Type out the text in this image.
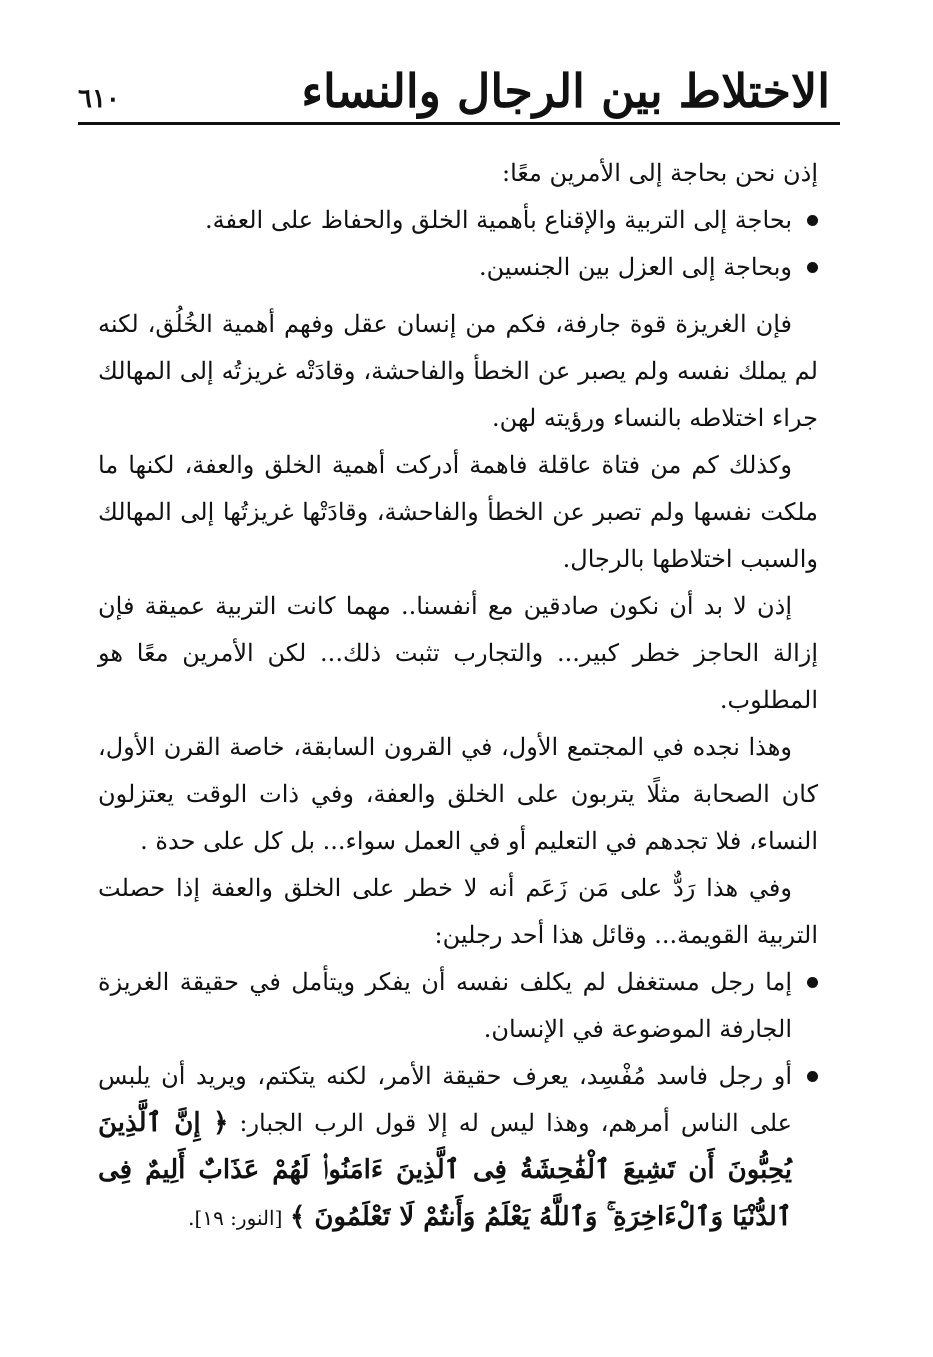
الاختلاط بين الرجال والنساء
٦١٠

إذن نحن بحاجة إلى الأمرين معًا:

بحاجة إلى التربية والإقناع بأهمية الخلق والحفاظ على العفة.
وبحاجة إلى العزل بين الجنسين.

فإن الغريزة قوة جارفة، فكم من إنسان عقل وفهم أهمية الخُلُق، لكنه لم يملك نفسه ولم يصبر عن الخطأ والفاحشة، وقادَتْه غريزتُه إلى المهالك جراء اختلاطه بالنساء ورؤيته لهن.

وكذلك كم من فتاة عاقلة فاهمة أدركت أهمية الخلق والعفة، لكنها ما ملكت نفسها ولم تصبر عن الخطأ والفاحشة، وقادَتْها غريزتُها إلى المهالك والسبب اختلاطها بالرجال.

إذن لا بد أن نكون صادقين مع أنفسنا.. مهما كانت التربية عميقة فإن إزالة الحاجز خطر كبير... والتجارب تثبت ذلك... لكن الأمرين معًا هو المطلوب.

وهذا نجده في المجتمع الأول، في القرون السابقة، خاصة القرن الأول، كان الصحابة مثلًا يتربون على الخلق والعفة، وفي ذات الوقت يعتزلون النساء، فلا تجدهم في التعليم أو في العمل سواء... بل كل على حدة .

وفي هذا رَدٌّ على مَن زَعَم أنه لا خطر على الخلق والعفة إذا حصلت التربية القويمة... وقائل هذا أحد رجلين:

إما رجل مستغفل لم يكلف نفسه أن يفكر ويتأمل في حقيقة الغريزة الجارفة الموضوعة في الإنسان.
أو رجل فاسد مُفْسِد، يعرف حقيقة الأمر، لكنه يتكتم، ويريد أن يلبس على الناس أمرهم، وهذا ليس له إلا قول الرب الجبار: ﴿ إِنَّ ٱلَّذِينَ يُحِبُّونَ أَن تَشِيعَ ٱلْفَٰحِشَةُ فِى ٱلَّذِينَ ءَامَنُوا۟ لَهُمْ عَذَابٌ أَلِيمٌ فِى ٱلدُّنْيَا وَٱلْءَاخِرَةِ ۚ وَٱللَّهُ يَعْلَمُ وَأَنتُمْ لَا تَعْلَمُونَ ﴾ [النور: ١٩].
